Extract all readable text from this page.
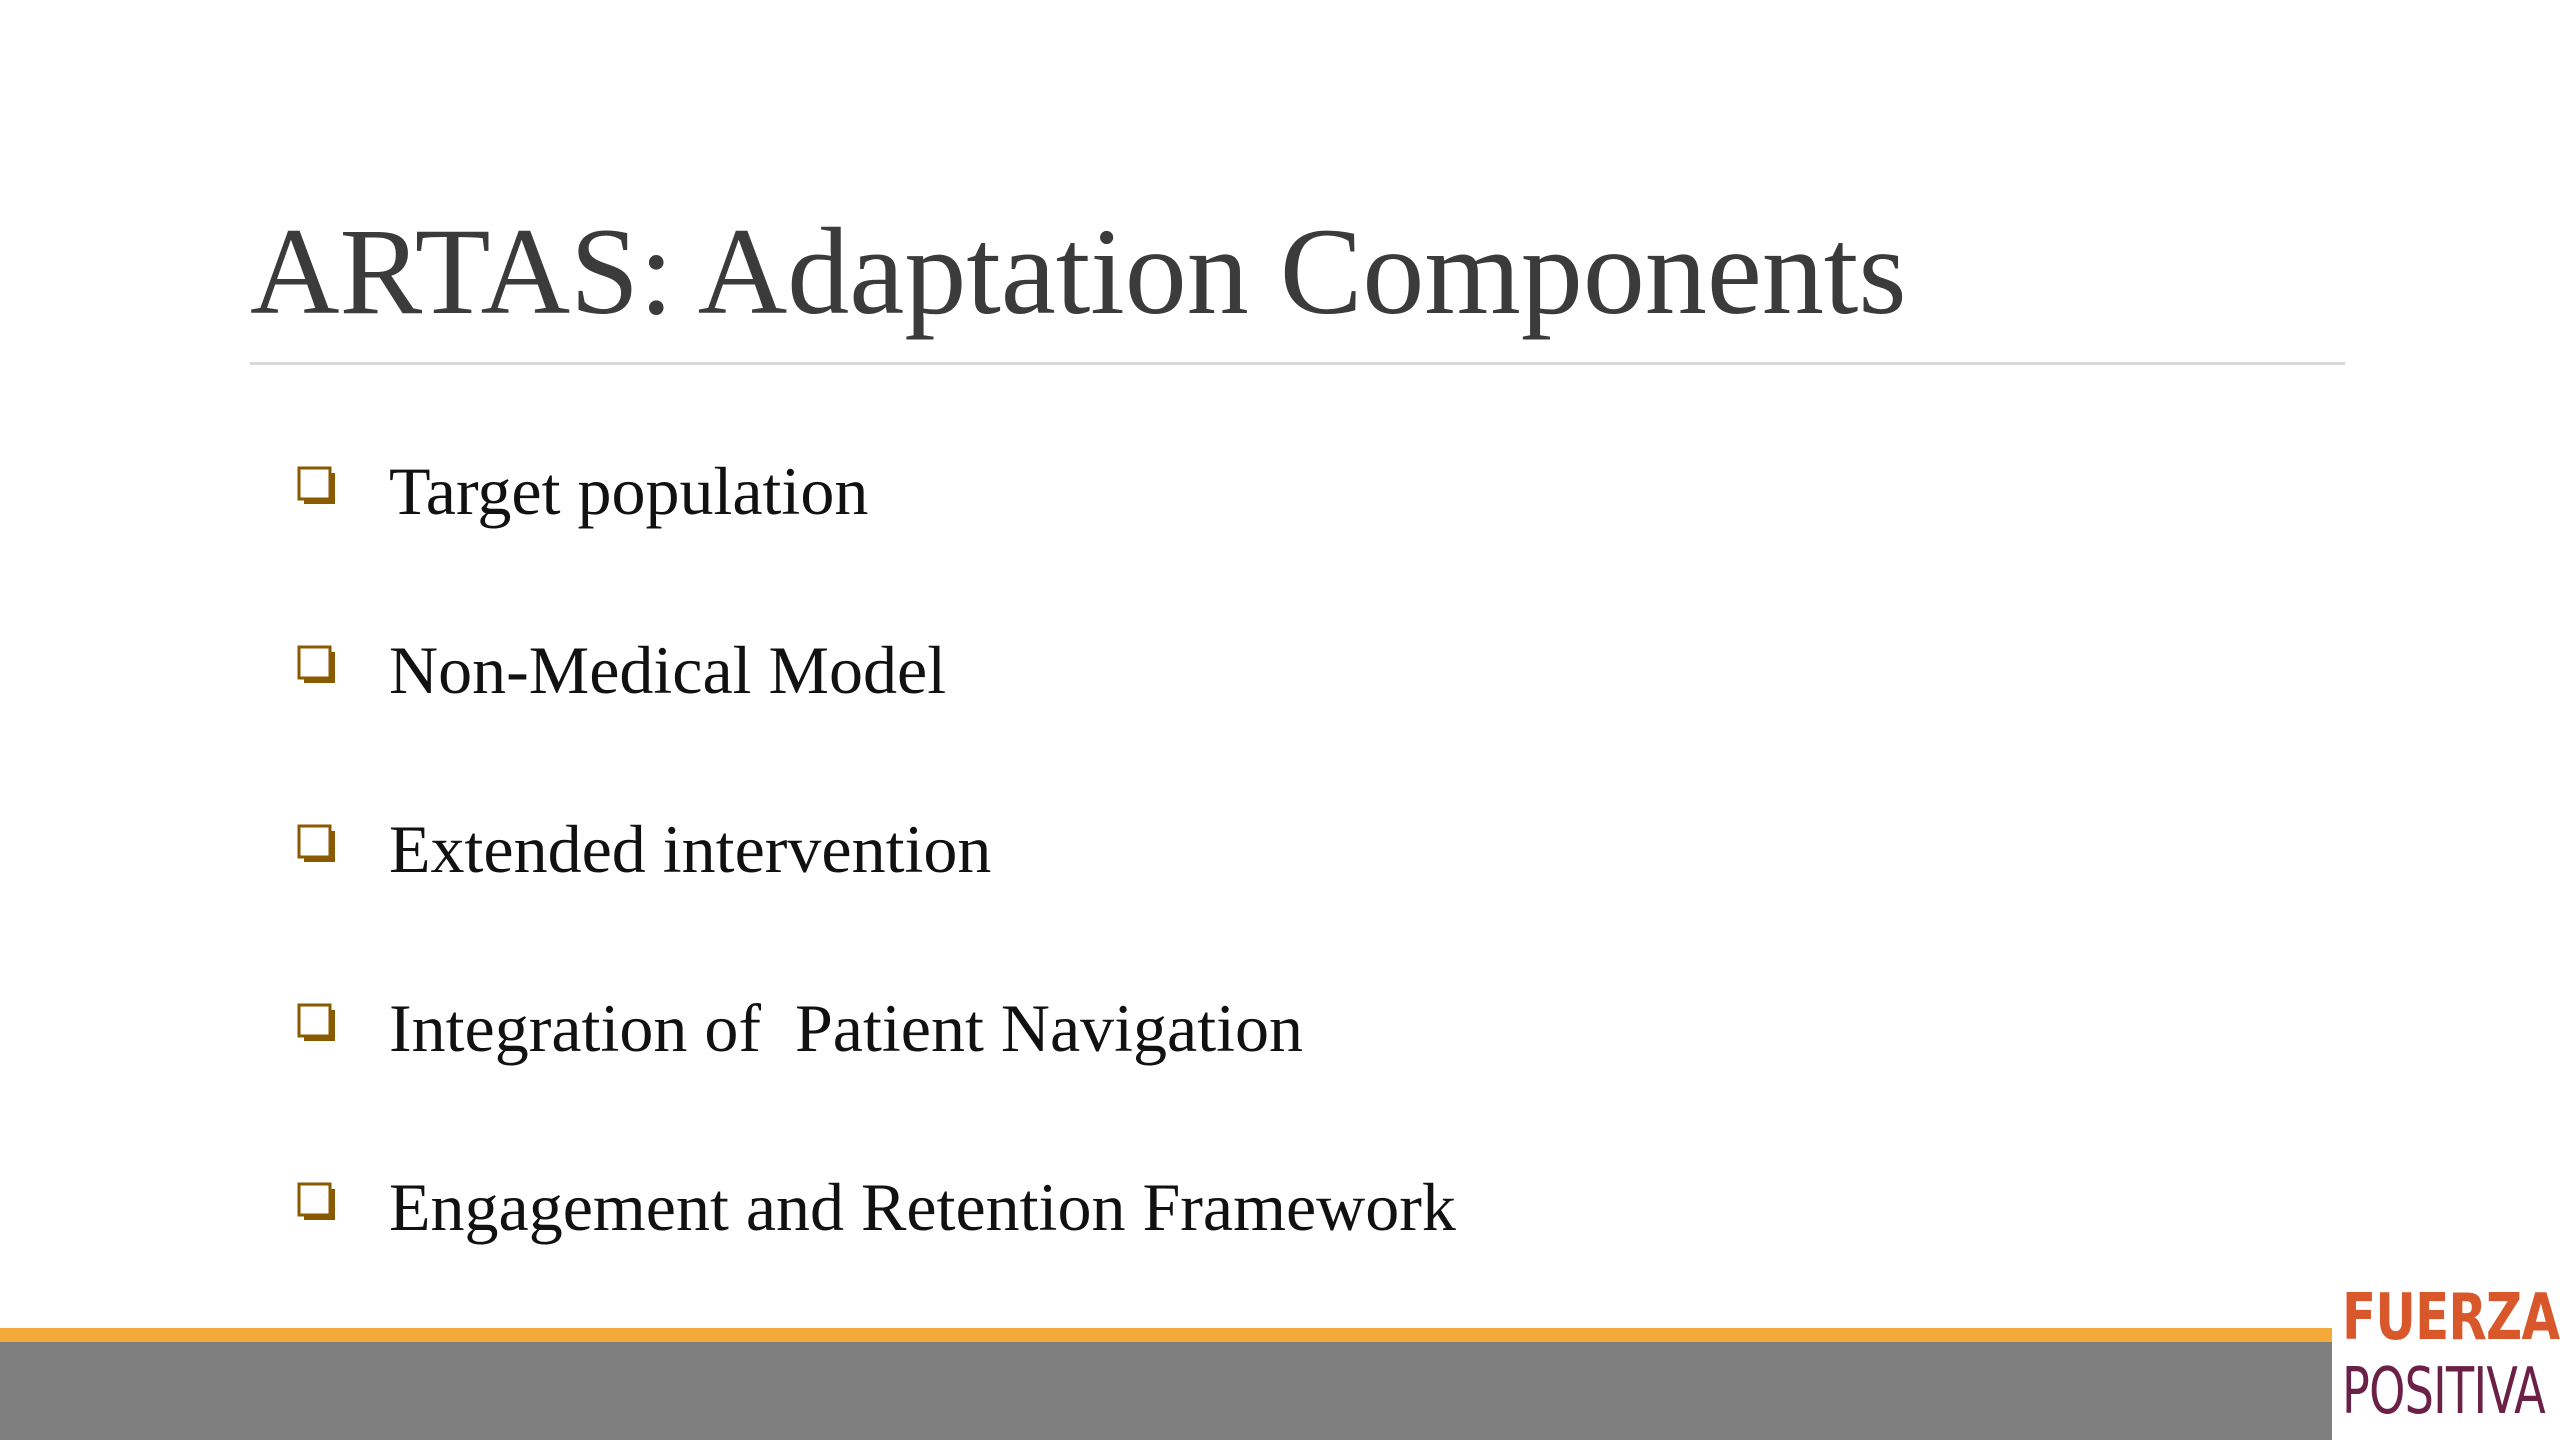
ARTAS: Adaptation Components
Target population
Non-Medical Model
Extended intervention
Integration of  Patient Navigation
Engagement and Retention Framework
FUERZA
POSITIVA
